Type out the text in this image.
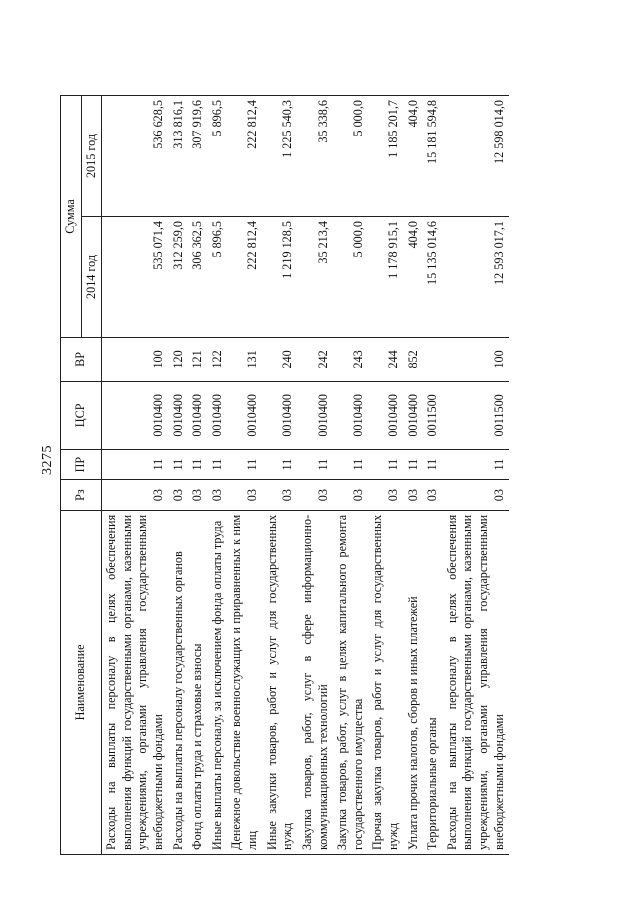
3275
Наименование	Рз	ПР	ЦСР	ВР	Сумма	
					2014 год	2015 год
Расходы на выплаты персоналу в целях обеспечения выполнения функций государственными органами, казенными учреждениями, органами управления государственными внебюджетными фондами	03	11	0010400	100	535 071,4	536 628,5
Расходы на выплаты персоналу государственных органов	03	11	0010400	120	312 259,0	313 816,1
Фонд оплаты труда и страховые взносы	03	11	0010400	121	306 362,5	307 919,6
Иные выплаты персоналу, за исключением фонда оплаты труда	03	11	0010400	122	5 896,5	5 896,5
Денежное довольствие военнослужащих и приравненных к ним лиц	03	11	0010400	131	222 812,4	222 812,4
Иные закупки товаров, работ и услуг для государственных нужд	03	11	0010400	240	1 219 128,5	1 225 540,3
Закупка товаров, работ, услуг в сфере информационно-коммуникационных технологий	03	11	0010400	242	35 213,4	35 338,6
Закупка товаров, работ, услуг в целях капитального ремонта государственного имущества	03	11	0010400	243	5 000,0	5 000,0
Прочая закупка товаров, работ и услуг для государственных нужд	03	11	0010400	244	1 178 915,1	1 185 201,7
Уплата прочих налогов, сборов и иных платежей	03	11	0010400	852	404,0	404,0
Территориальные органы	03	11	0011500		15 135 014,6	15 181 594,8
Расходы на выплаты персоналу в целях обеспечения выполнения функций государственными органами, казенными учреждениями, органами управления государственными внебюджетными фондами	03	11	0011500	100	12 593 017,1	12 598 014,0
